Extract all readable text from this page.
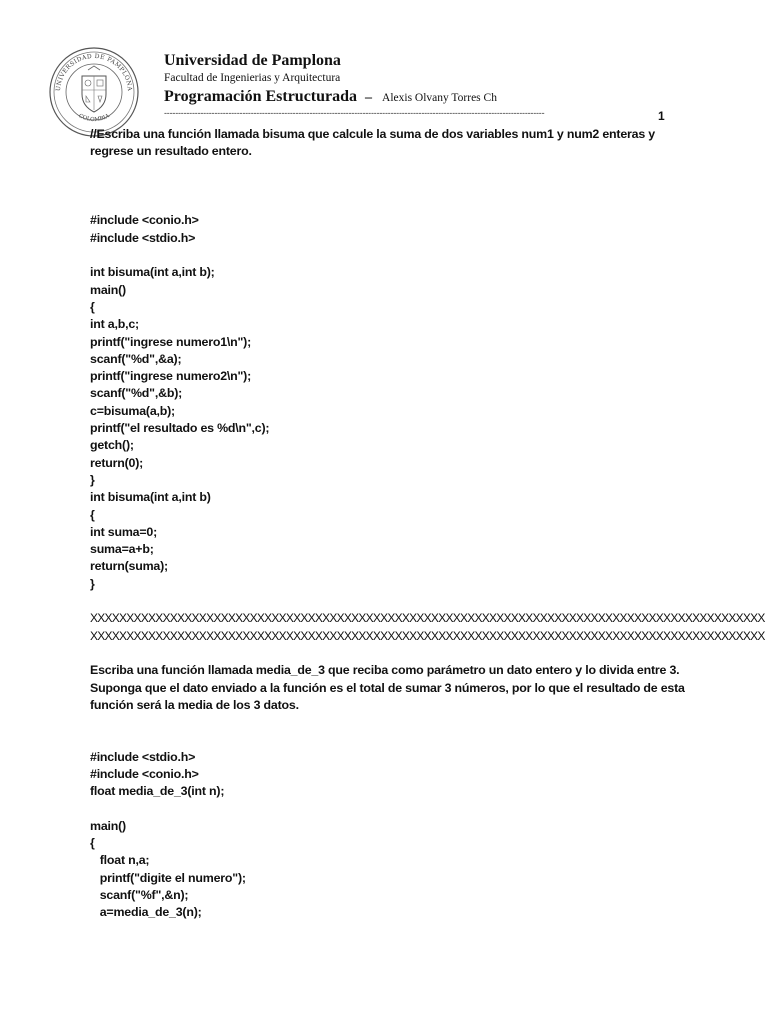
UNIVERSIDAD DE PAMPLONA
COLOMBIA
Universidad de Pamplona
Facultad de Ingenierias y Arquitectura
Programación Estructurada – Alexis Olvany Torres Ch
----------------------------------------------------------------------------------------------------------------------------------------	1
//Escriba una función llamada bisuma que calcule la suma de dos variables num1 y num2 enteras y
regrese un resultado entero.
#include <conio.h>
#include <stdio.h>
int bisuma(int a,int b);
main()
{
int a,b,c;
printf("ingrese numero1\n");
scanf("%d",&a);
printf("ingrese numero2\n");
scanf("%d",&b);
c=bisuma(a,b);
printf("el resultado es %d\n",c);
getch();
return(0);
}
int bisuma(int a,int b)
{
int suma=0;
suma=a+b;
return(suma);
}
XXXXXXXXXXXXXXXXXXXXXXXXXXXXXXXXXXXXXXXXXXXXXXXXXXXXXXXXXXXXXXXXXXXXXXXXXXXXXXXXXXXXXXXXXXXXX
XXXXXXXXXXXXXXXXXXXXXXXXXXXXXXXXXXXXXXXXXXXXXXXXXXXXXXXXXXXXXXXXXXXXXXXXXXXXXXXXXXXXXXXXXXXXX
Escriba una función llamada media_de_3 que reciba como parámetro un dato entero y lo divida entre 3.
Suponga que el dato enviado a la función es el total de sumar 3 números, por lo que el resultado de esta
función será la media de los 3 datos.
#include <stdio.h>
#include <conio.h>
float media_de_3(int n);
main()
{
float n,a;
printf("digite el numero");
scanf("%f",&n);
a=media_de_3(n);
